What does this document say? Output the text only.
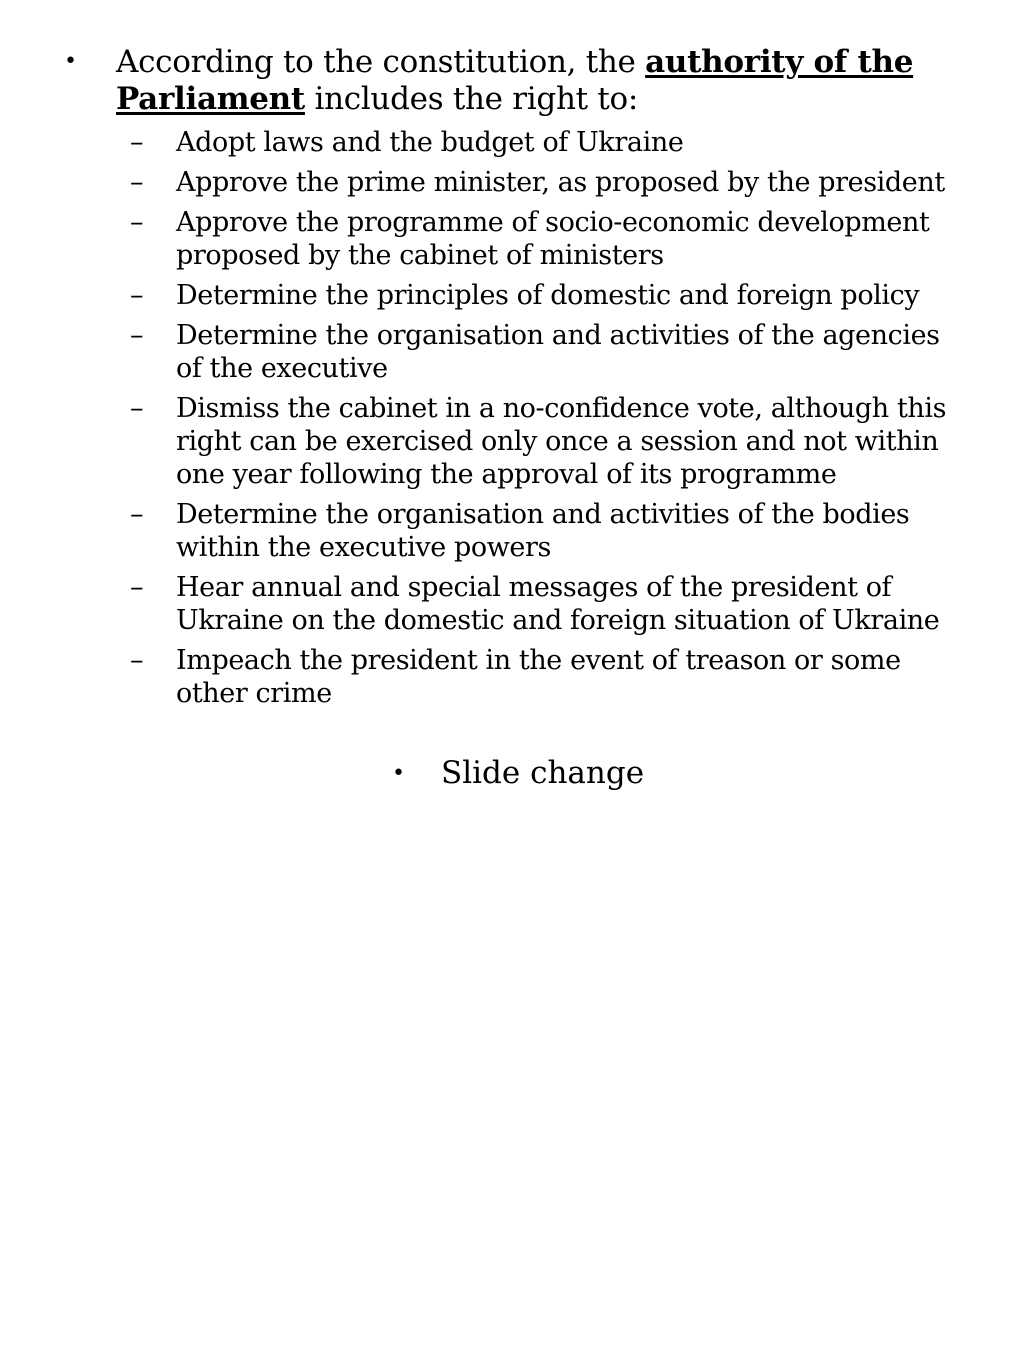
• According to the constitution, the authority of the Parliament includes the right to:
– Adopt laws and the budget of Ukraine
– Approve the prime minister, as proposed by the president
– Approve the programme of socio-economic development proposed by the cabinet of ministers
– Determine the principles of domestic and foreign policy
– Determine the organisation and activities of the agencies of the executive
– Dismiss the cabinet in a no-confidence vote, although this right can be exercised only once a session and not within one year following the approval of its programme
– Determine the organisation and activities of the bodies within the executive powers
– Hear annual and special messages of the president of Ukraine on the domestic and foreign situation of Ukraine
– Impeach the president in the event of treason or some other crime
• Slide change
